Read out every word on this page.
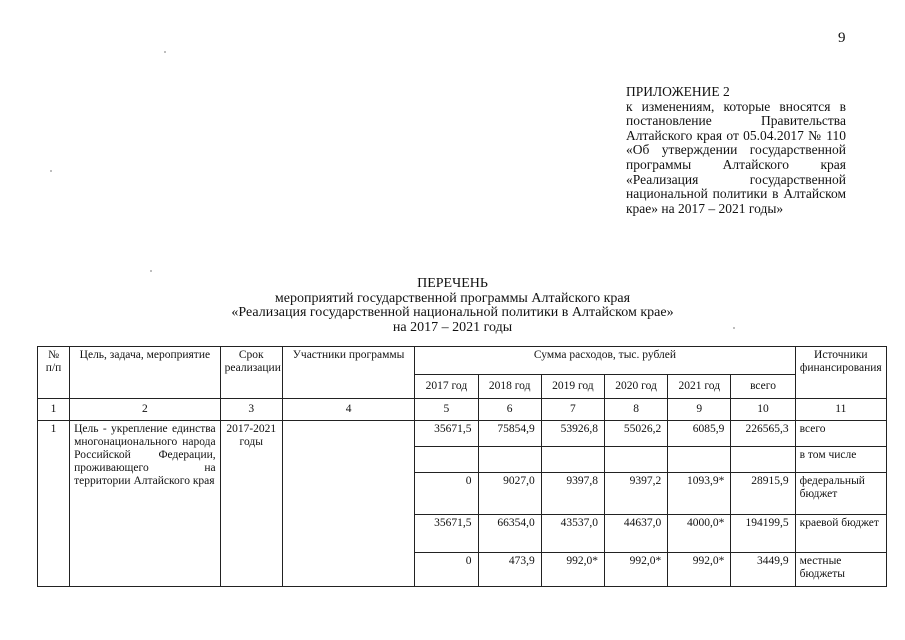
9
ПРИЛОЖЕНИЕ 2
к изменениям, которые вносятся в постановление Правительства Алтайского края от 05.04.2017 № 110 «Об утверждении государственной программы Алтайского края «Реализация государственной национальной политики в Алтайском крае» на 2017 – 2021 годы»
ПЕРЕЧЕНЬ
мероприятий государственной программы Алтайского края
«Реализация государственной национальной политики в Алтайском крае»
на 2017 – 2021 годы
№ п/п	Цель, задача, мероприятие	Срок реализации	Участники программы	Сумма расходов, тыс. рублей						Источники финансирования
				2017 год	2018 год	2019 год	2020 год	2021 год	всего	
1	2	3	4	5	6	7	8	9	10	11
1	Цель - укрепление единства многонационального народа Российской Федерации, проживающего на территории Алтайского края	2017-2021 годы		35671,5	75854,9	53926,8	55026,2	6085,9	226565,3	всего
										в том числе
				0	9027,0	9397,8	9397,2	1093,9*	28915,9	федеральный бюджет
				35671,5	66354,0	43537,0	44637,0	4000,0*	194199,5	краевой бюджет
				0	473,9	992,0*	992,0*	992,0*	3449,9	местные бюджеты
